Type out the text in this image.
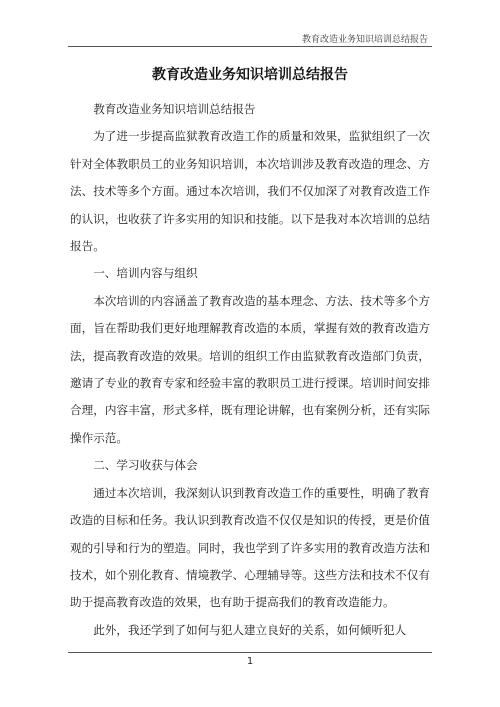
教育改造业务知识培训总结报告
教育改造业务知识培训总结报告

教育改造业务知识培训总结报告

为了进一步提高监狱教育改造工作的质量和效果，监狱组织了一次针对全体教职员工的业务知识培训，本次培训涉及教育改造的理念、方法、技术等多个方面。通过本次培训，我们不仅加深了对教育改造工作的认识，也收获了许多实用的知识和技能。以下是我对本次培训的总结报告。

一、培训内容与组织

本次培训的内容涵盖了教育改造的基本理念、方法、技术等多个方面，旨在帮助我们更好地理解教育改造的本质，掌握有效的教育改造方法，提高教育改造的效果。培训的组织工作由监狱教育改造部门负责，邀请了专业的教育专家和经验丰富的教职员工进行授课。培训时间安排合理，内容丰富，形式多样，既有理论讲解，也有案例分析，还有实际操作示范。

二、学习收获与体会

通过本次培训，我深刻认识到教育改造工作的重要性，明确了教育改造的目标和任务。我认识到教育改造不仅仅是知识的传授，更是价值观的引导和行为的塑造。同时，我也学到了许多实用的教育改造方法和技术，如个别化教育、情境教学、心理辅导等。这些方法和技术不仅有助于提高教育改造的效果，也有助于提高我们的教育改造能力。

此外，我还学到了如何与犯人建立良好的关系，如何倾听犯人

1
